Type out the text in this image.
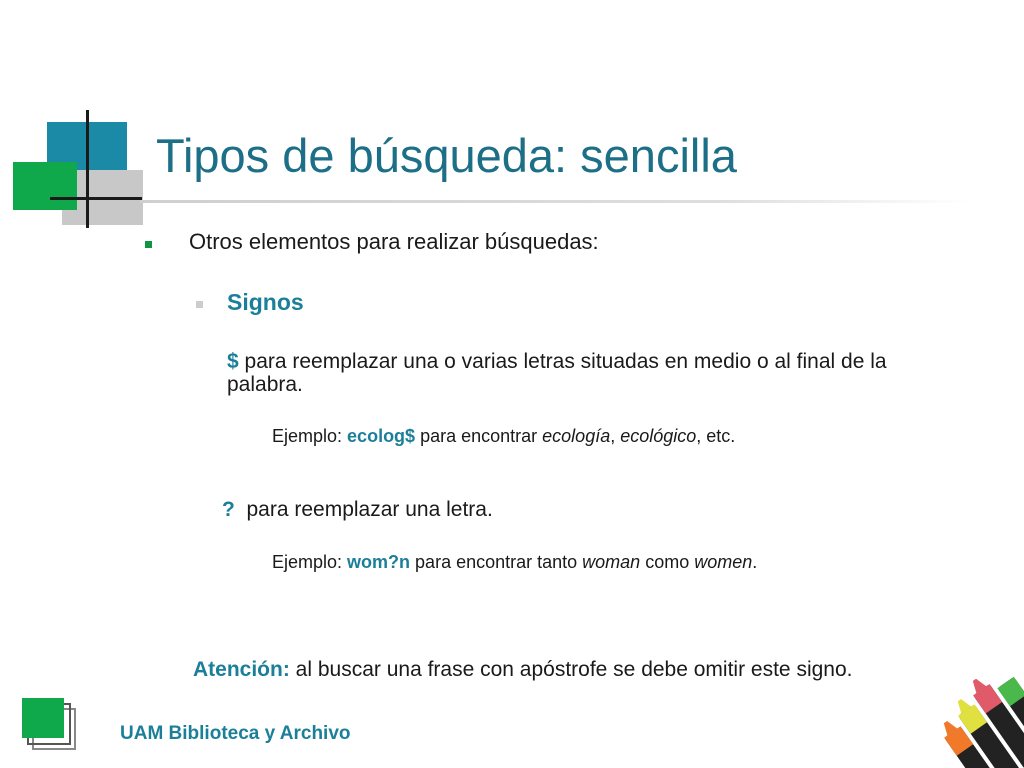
Tipos de búsqueda: sencilla
Otros elementos para realizar búsquedas:
Signos
$ para reemplazar una o varias letras situadas en medio o al final de la palabra.
Ejemplo: ecolog$ para encontrar ecología, ecológico, etc.
?  para reemplazar una letra.
Ejemplo: wom?n para encontrar tanto woman como women.
Atención: al buscar una frase con apóstrofe se debe omitir este signo.
UAM Biblioteca y Archivo
